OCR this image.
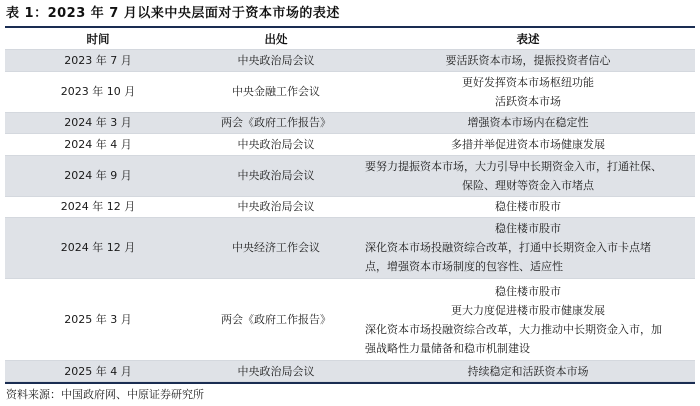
表 1：2023 年 7 月以来中央层面对于资本市场的表述
时间	出处	表述
2023 年 7 月	中央政治局会议	要活跃资本市场，提振投资者信心

2023 年 10 月	中央金融工作会议	更好发挥资本市场枢纽功能
活跃资本市场

2024 年 3 月	两会《政府工作报告》	增强资本市场内在稳定性

2024 年 4 月	中央政治局会议	多措并举促进资本市场健康发展

2024 年 9 月	中央政治局会议	要努力提振资本市场，大力引导中长期资金入市，打通社保、
保险、理财等资金入市堵点

2024 年 12 月	中央政治局会议	稳住楼市股市

2024 年 12 月	中央经济工作会议	稳住楼市股市
深化资本市场投融资综合改革，打通中长期资金入市卡点堵
点，增强资本市场制度的包容性、适应性

2025 年 3 月	两会《政府工作报告》	稳住楼市股市
更大力度促进楼市股市健康发展
深化资本市场投融资综合改革，大力推动中长期资金入市，加
强战略性力量储备和稳市机制建设

2025 年 4 月	中央政治局会议	持续稳定和活跃资本市场
资料来源：中国政府网、中原证券研究所
